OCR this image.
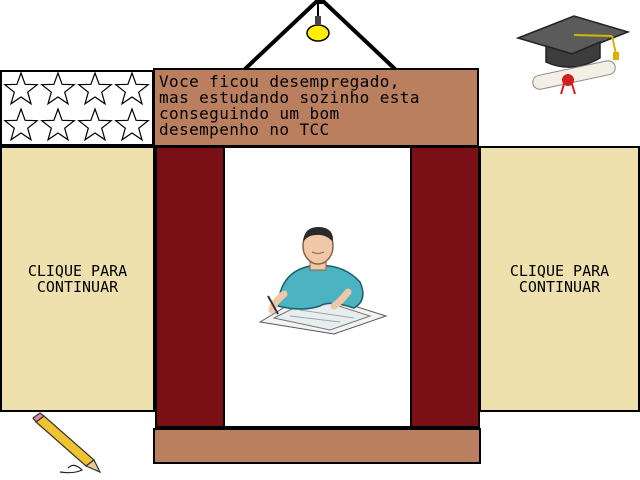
Voce ficou desempregado,
mas estudando sozinho esta
conseguindo um bom
desempenho no TCC

CLIQUE PARA
CONTINUAR
CLIQUE PARA
CONTINUAR
